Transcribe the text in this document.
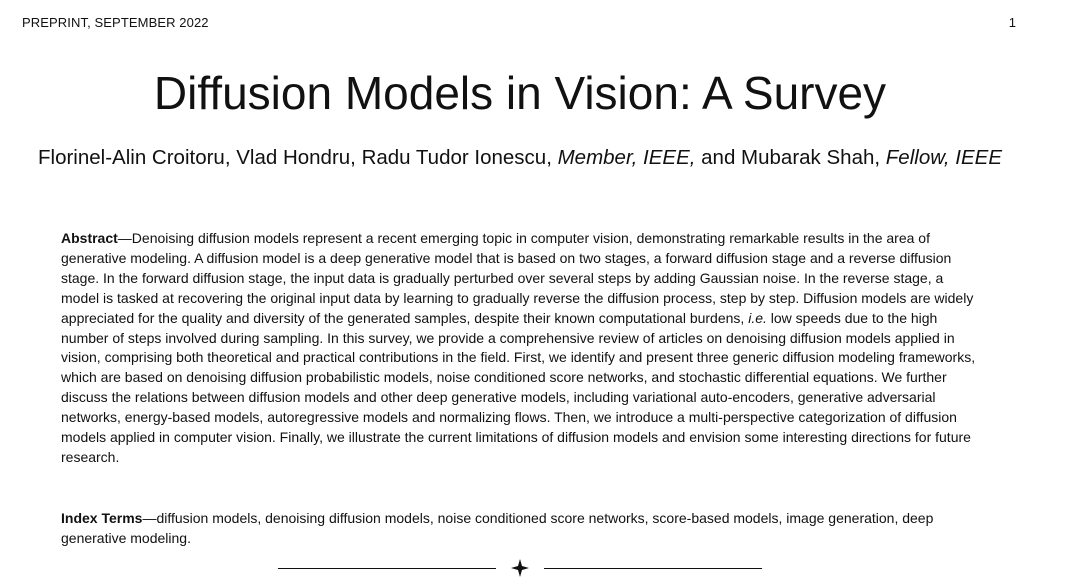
PREPRINT, SEPTEMBER 2022	1
Diffusion Models in Vision: A Survey
Florinel-Alin Croitoru, Vlad Hondru, Radu Tudor Ionescu, Member, IEEE, and Mubarak Shah, Fellow, IEEE

Abstract—Denoising diffusion models represent a recent emerging topic in computer vision, demonstrating remarkable results in the area of generative modeling. A diffusion model is a deep generative model that is based on two stages, a forward diffusion stage and a reverse diffusion stage. In the forward diffusion stage, the input data is gradually perturbed over several steps by adding Gaussian noise. In the reverse stage, a model is tasked at recovering the original input data by learning to gradually reverse the diffusion process, step by step. Diffusion models are widely appreciated for the quality and diversity of the generated samples, despite their known computational burdens, i.e. low speeds due to the high number of steps involved during sampling. In this survey, we provide a comprehensive review of articles on denoising diffusion models applied in vision, comprising both theoretical and practical contributions in the field. First, we identify and present three generic diffusion modeling frameworks, which are based on denoising diffusion probabilistic models, noise conditioned score networks, and stochastic differential equations. We further discuss the relations between diffusion models and other deep generative models, including variational auto-encoders, generative adversarial networks, energy-based models, autoregressive models and normalizing flows. Then, we introduce a multi-perspective categorization of diffusion models applied in computer vision. Finally, we illustrate the current limitations of diffusion models and envision some interesting directions for future research.

Index Terms—diffusion models, denoising diffusion models, noise conditioned score networks, score-based models, image generation, deep generative modeling.
